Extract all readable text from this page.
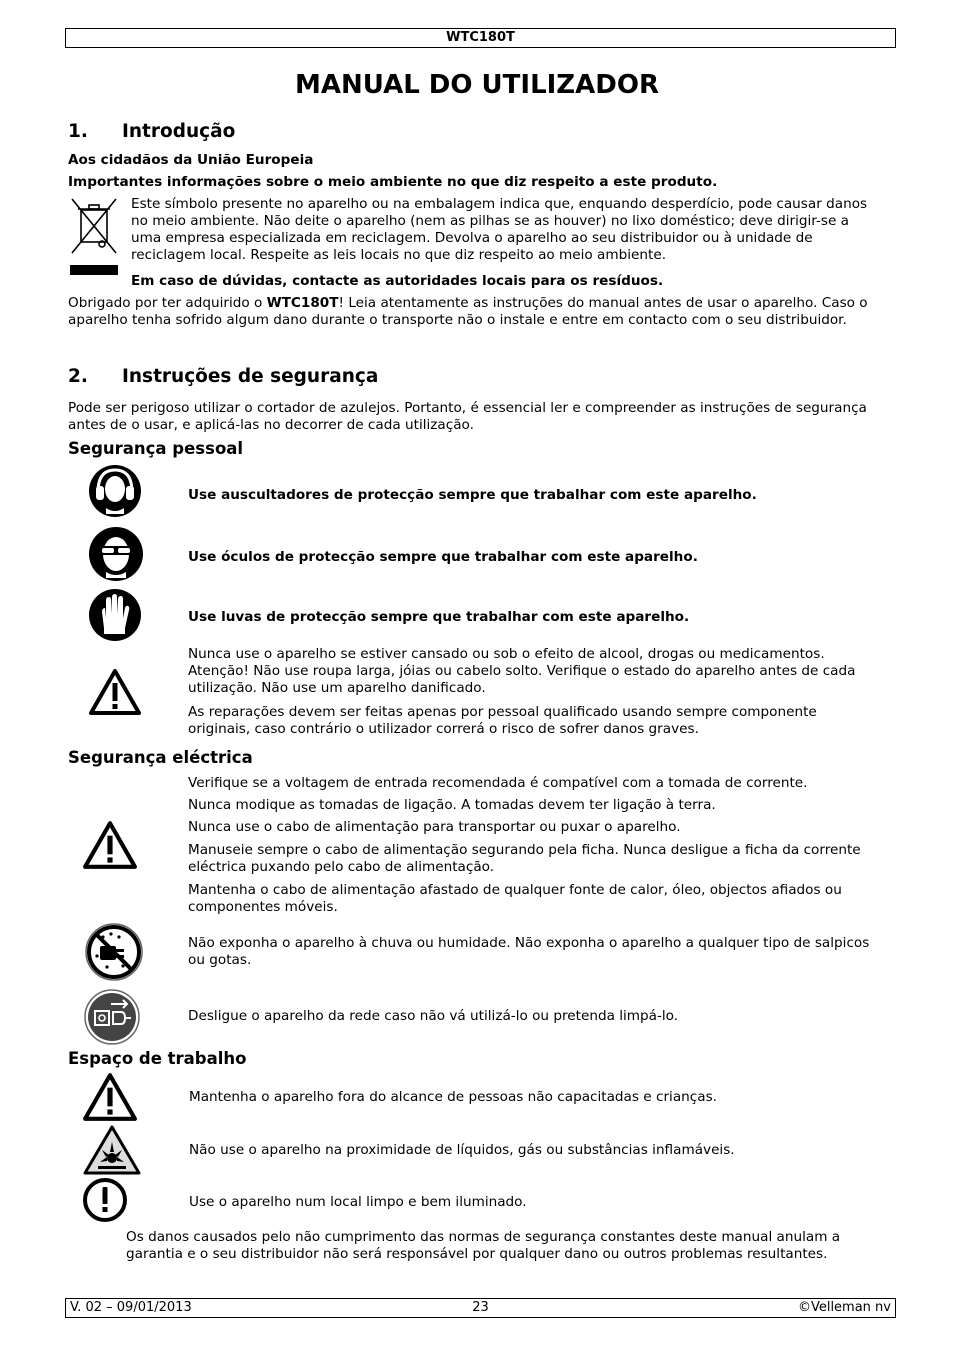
WTC180T
MANUAL DO UTILIZADOR
1. Introdução

Aos cidadãos da União Europeia

Importantes informações sobre o meio ambiente no que diz respeito a este produto.

Este símbolo presente no aparelho ou na embalagem indica que, enquando desperdício, pode causar danos no meio ambiente. Não deite o aparelho (nem as pilhas se as houver) no lixo doméstico; deve dirigir-se a uma empresa especializada em reciclagem. Devolva o aparelho ao seu distribuidor ou à unidade de reciclagem local. Respeite as leis locais no que diz respeito ao meio ambiente.

Em caso de dúvidas, contacte as autoridades locais para os resíduos.

Obrigado por ter adquirido o WTC180T! Leia atentamente as instruções do manual antes de usar o aparelho. Caso o aparelho tenha sofrido algum dano durante o transporte não o instale e entre em contacto com o seu distribuidor.

2. Instruções de segurança

Pode ser perigoso utilizar o cortador de azulejos. Portanto, é essencial ler e compreender as instruções de segurança antes de o usar, e aplicá-las no decorrer de cada utilização.

Segurança pessoal

Use auscultadores de protecção sempre que trabalhar com este aparelho.

Use óculos de protecção sempre que trabalhar com este aparelho.

Use luvas de protecção sempre que trabalhar com este aparelho.

Nunca use o aparelho se estiver cansado ou sob o efeito de alcool, drogas ou medicamentos. Atenção! Não use roupa larga, jóias ou cabelo solto. Verifique o estado do aparelho antes de cada utilização. Não use um aparelho danificado.

As reparações devem ser feitas apenas por pessoal qualificado usando sempre componente originais, caso contrário o utilizador correrá o risco de sofrer danos graves.

Segurança eléctrica

Verifique se a voltagem de entrada recomendada é compatível com a tomada de corrente.

Nunca modique as tomadas de ligação. A tomadas devem ter ligação à terra.

Nunca use o cabo de alimentação para transportar ou puxar o aparelho.

Manuseie sempre o cabo de alimentação segurando pela ficha. Nunca desligue a ficha da corrente eléctrica puxando pelo cabo de alimentação.

Mantenha o cabo de alimentação afastado de qualquer fonte de calor, óleo, objectos afiados ou componentes móveis.

Não exponha o aparelho à chuva ou humidade. Não exponha o aparelho a qualquer tipo de salpicos ou gotas.

Desligue o aparelho da rede caso não vá utilizá-lo ou pretenda limpá-lo.

Espaço de trabalho

Mantenha o aparelho fora do alcance de pessoas não capacitadas e crianças.

Não use o aparelho na proximidade de líquidos, gás ou substâncias inflamáveis.

Use o aparelho num local limpo e bem iluminado.

Os danos causados pelo não cumprimento das normas de segurança constantes deste manual anulam a garantia e o seu distribuidor não será responsável por qualquer dano ou outros problemas resultantes.

V. 02 – 09/01/2013	23	©Velleman nv
